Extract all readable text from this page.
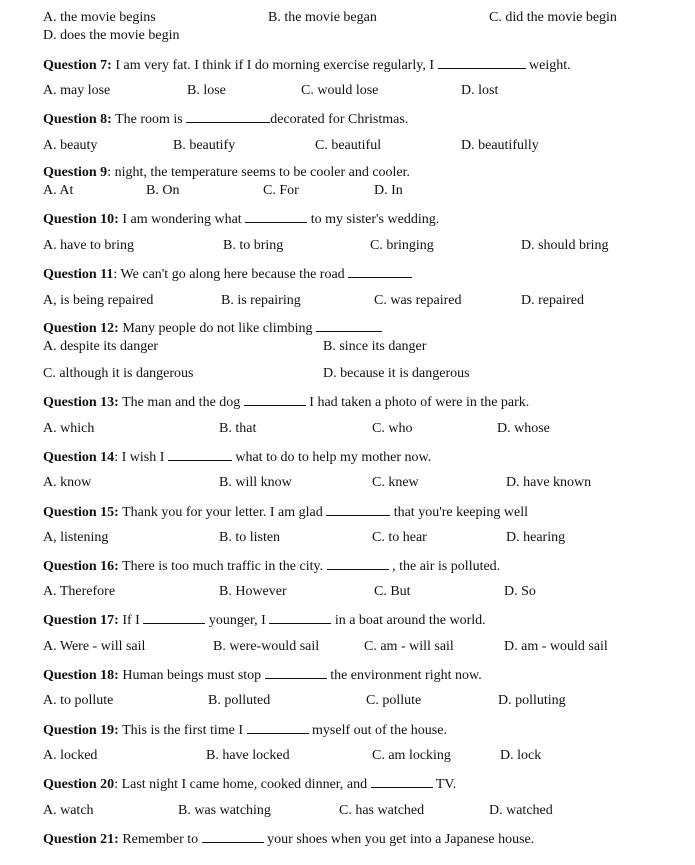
A. the movie begins	B. the movie began	C. did the movie begin
D. does the movie begin
Question 7: I am very fat. I think if I do morning exercise regularly, I	weight.
A. may lose	B. lose	C. would lose	D. lost
Question 8: The room is	decorated for Christmas.
A. beauty	B. beautify	C. beautiful	D. beautifully
Question 9: night, the temperature seems to be cooler and cooler.
A. At	B. On	C. For	D. In
Question 10: I am wondering what	to my sister's wedding.
A. have to bring	B. to bring	C. bringing	D. should bring
Question 11: We can't go along here because the road
A, is being repaired	B. is repairing	C. was repaired	D. repaired
Question 12: Many people do not like climbing
A. despite its danger	B. since its danger
C. although it is dangerous	D. because it is dangerous
Question 13: The man and the dog	I had taken a photo of were in the park.
A. which	B. that	C. who	D. whose
Question 14: I wish I	what to do to help my mother now.
A. know	B. will know	C. knew	D. have known
Question 15: Thank you for your letter. I am glad	that you're keeping well
A, listening	B. to listen	C. to hear	D. hearing
Question 16: There is too much traffic in the city.	, the air is polluted.
A. Therefore	B. However	C. But	D. So
Question 17: If I	younger, I	in a boat around the world.
A. Were - will sail	B. were-would sail	C. am - will sail	D. am - would sail
Question 18: Human beings must stop	the environment right now.
A. to pollute	B. polluted	C. pollute	D. polluting
Question 19: This is the first time I	myself out of the house.
A. locked	B. have locked	C. am locking	D. lock
Question 20: Last night I came home, cooked dinner, and	TV.
A. watch	B. was watching	C. has watched	D. watched
Question 21: Remember to	your shoes when you get into a Japanese house.
